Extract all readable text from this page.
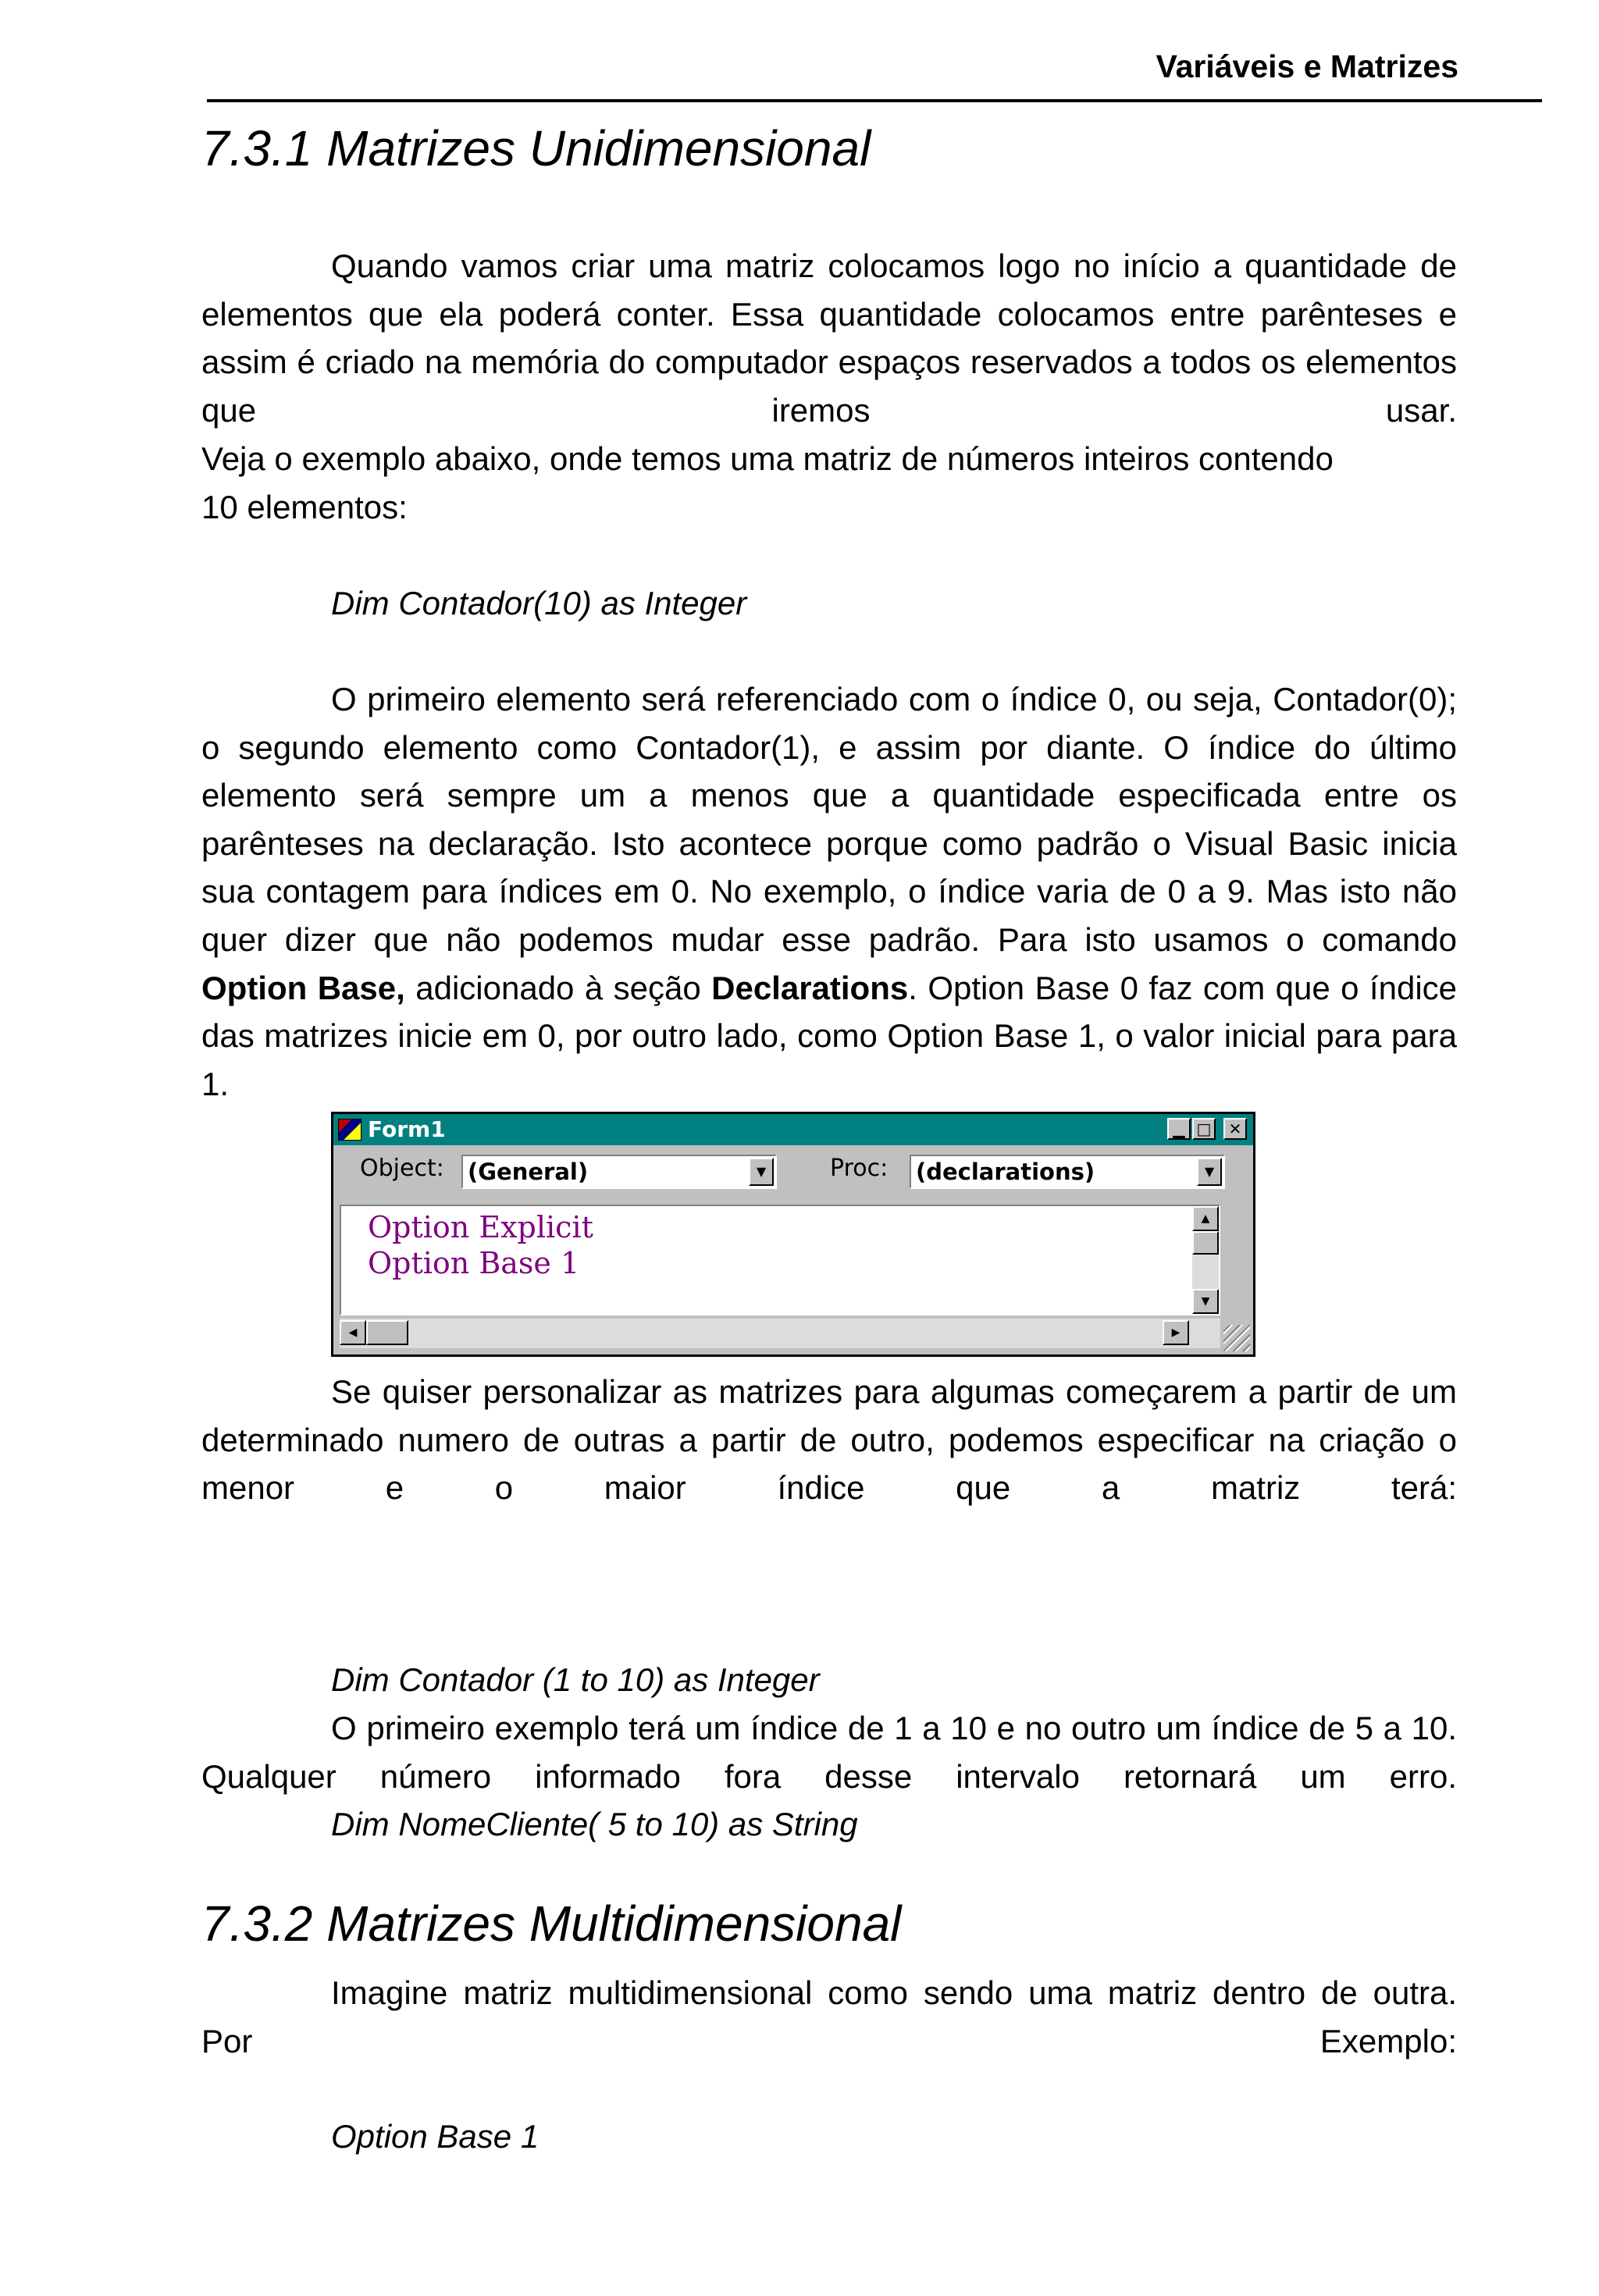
Variáveis e Matrizes
7.3.1 Matrizes Unidimensional

Quando vamos criar uma matriz colocamos logo no início a quantidade de elementos que ela poderá conter. Essa quantidade colocamos entre parênteses e assim é criado na memória do computador espaços reservados a todos os elementos que iremos usar.

Veja o exemplo abaixo, onde temos uma matriz de números inteiros contendo
10 elementos:
Dim Contador(10) as Integer

O primeiro elemento será referenciado com o índice 0, ou seja, Contador(0); o segundo elemento como Contador(1), e assim por diante. O índice do último elemento será sempre um a menos que a quantidade especificada entre os parênteses na declaração. Isto acontece porque como padrão o Visual Basic inicia sua contagem para índices em 0. No exemplo, o índice varia de 0 a 9. Mas isto não quer dizer que não podemos mudar esse padrão. Para isto usamos o comando Option Base, adicionado à seção Declarations. Option Base 0 faz com que o índice das matrizes inicie em 0, por outro lado, como Option Base 1, o valor inicial para para 1.

Form1	▁ □	✕
Object: (General)	▼	Proc: (declarations)	▼
Option Explicit
Option Base 1
▲
▼
◀	▶

Se quiser personalizar as matrizes para algumas começarem a partir de um determinado numero de outras a partir de outro, podemos especificar na criação o menor e o maior índice que a matriz terá:

Dim Contador (1 to 10) as Integer

Dim NomeCliente( 5 to 10) as String

O primeiro exemplo terá um índice de 1 a 10 e no outro um índice de 5 a 10. Qualquer número informado fora desse intervalo retornará um erro.

7.3.2 Matrizes Multidimensional

Imagine matriz multidimensional como sendo uma matriz dentro de outra. Por Exemplo:

Option Base 1
